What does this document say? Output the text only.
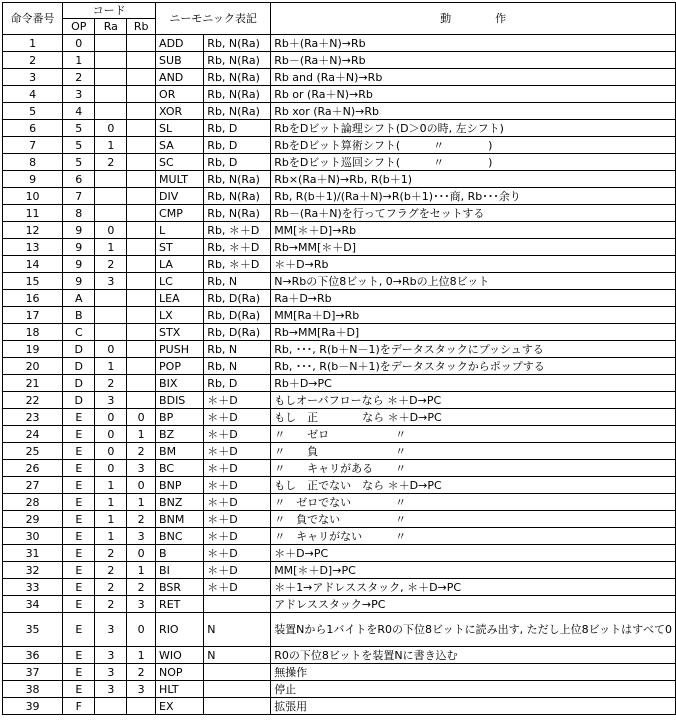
命令番号	コード			ニーモニック表記		動　　　　作
	OP	Ra	Rb			
1	0			ADD	Rb, N(Ra)	Rb＋(Ra＋N)→Rb
2	1			SUB	Rb, N(Ra)	Rb－(Ra＋N)→Rb
3	2			AND	Rb, N(Ra)	Rb and (Ra＋N)→Rb
4	3			OR	Rb, N(Ra)	Rb or (Ra＋N)→Rb
5	4			XOR	Rb, N(Ra)	Rb xor (Ra＋N)→Rb
6	5	0		SL	Rb, D	RbをDビット論理シフト(D＞0の時, 左シフト)
7	5	1		SA	Rb, D	RbをDビット算術シフト(　　　〃　　　　)
8	5	2		SC	Rb, D	RbをDビット巡回シフト(　　　〃　　　　)
9	6			MULT	Rb, N(Ra)	Rb×(Ra＋N)→Rb, R(b＋1)
10	7			DIV	Rb, N(Ra)	Rb, R(b＋1)/(Ra＋N)→R(b＋1)･･･商, Rb･･･余り
11	8			CMP	Rb, N(Ra)	Rb－(Ra＋N)を行ってフラグをセットする
12	9	0		L	Rb, ＊＋D	MM[＊＋D]→Rb
13	9	1		ST	Rb, ＊＋D	Rb→MM[＊＋D]
14	9	2		LA	Rb, ＊＋D	＊＋D→Rb
15	9	3		LC	Rb, N	N→Rbの下位8ビット, 0→Rbの上位8ビット
16	A			LEA	Rb, D(Ra)	Ra＋D→Rb
17	B			LX	Rb, D(Ra)	MM[Ra＋D]→Rb
18	C			STX	Rb, D(Ra)	Rb→MM[Ra＋D]
19	D	0		PUSH	Rb, N	Rb, ･･･, R(b＋N－1)をデータスタックにプッシュする
20	D	1		POP	Rb, N	Rb, ･･･, R(b－N＋1)をデータスタックからポップする
21	D	2		BIX	Rb, D	Rb＋D→PC
22	D	3		BDIS	＊＋D	もしオーバフローなら ＊＋D→PC
23	E	0	0	BP	＊＋D	もし　正　　　　なら ＊＋D→PC
24	E	0	1	BZ	＊＋D	〃　　ゼロ　　　　　　〃
25	E	0	2	BM	＊＋D	〃　　負　　　　　　　〃
26	E	0	3	BC	＊＋D	〃　　キャリがある　　〃
27	E	1	0	BNP	＊＋D	もし　正でない　なら ＊＋D→PC
28	E	1	1	BNZ	＊＋D	〃　ゼロでない　　　　〃
29	E	1	2	BNM	＊＋D	〃　負でない　　　　　〃
30	E	1	3	BNC	＊＋D	〃　キャリがない　　　〃
31	E	2	0	B	＊＋D	＊＋D→PC
32	E	2	1	BI	＊＋D	MM[＊＋D]→PC
33	E	2	2	BSR	＊＋D	＊＋1→アドレススタック, ＊＋D→PC
34	E	2	3	RET		アドレススタック→PC
35	E	3	0	RIO	N	装置Nから1バイトをR0の下位8ビットに読み出す, ただし上位8ビットはすべて0
36	E	3	1	WIO	N	R0の下位8ビットを装置Nに書き込む
37	E	3	2	NOP		無操作
38	E	3	3	HLT		停止
39	F			EX		拡張用
